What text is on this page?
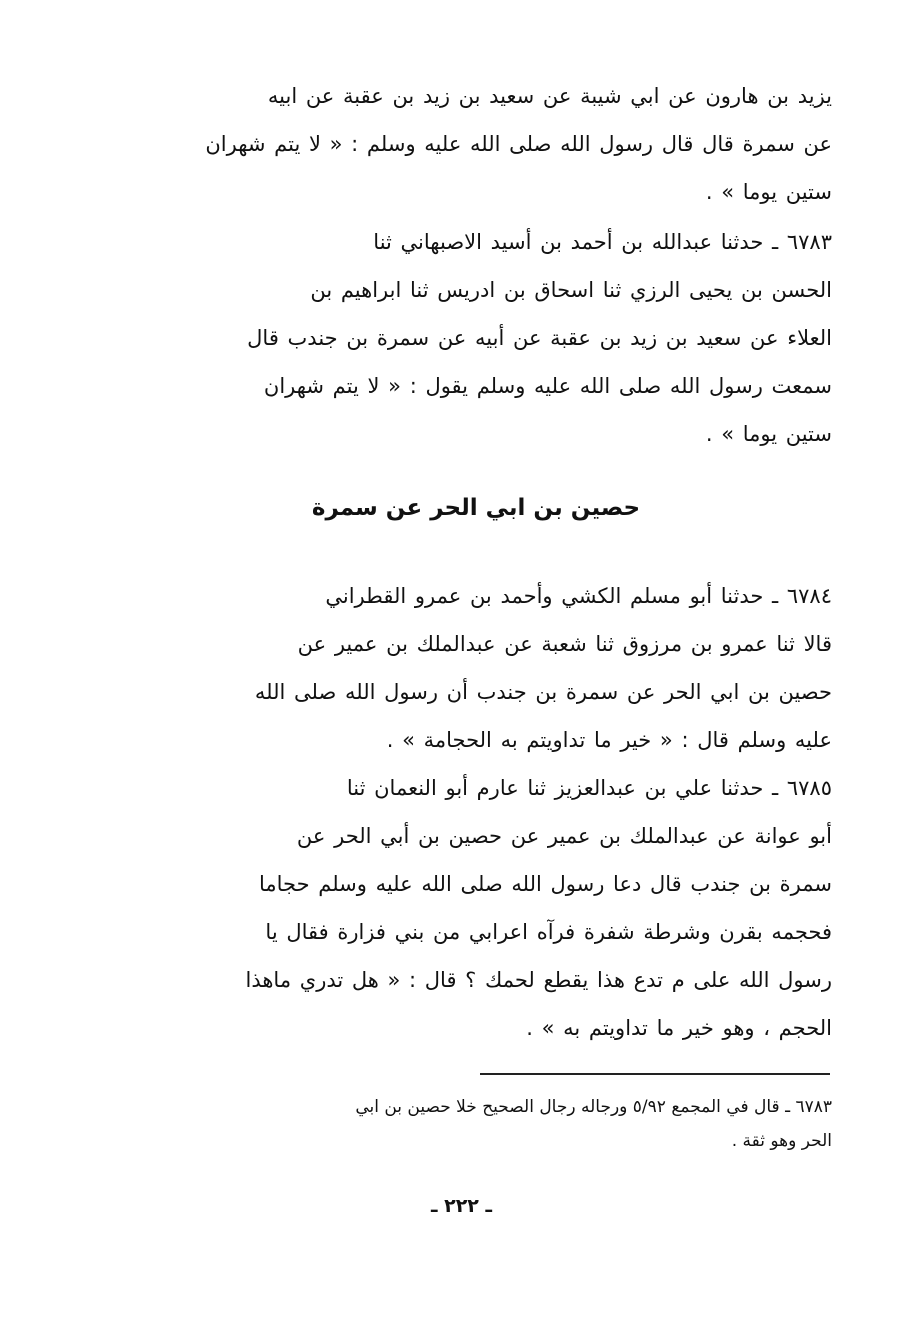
يزيد بن هارون عن ابي شيبة عن سعيد بن زيد بن عقبة عن ابيه
عن سمرة قال قال رسول الله صلى الله عليه وسلم : « لا يتم شهران
ستين يوما » .
٦٧٨٣ ـ حدثنا عبدالله بن أحمد بن أسيد الاصبهاني ثنا
الحسن بن يحيى الرزي ثنا اسحاق بن ادريس ثنا ابراهيم بن
العلاء عن سعيد بن زيد بن عقبة عن أبيه عن سمرة بن جندب قال
سمعت رسول الله صلى الله عليه وسلم يقول : « لا يتم شهران
ستين يوما » .
حصين بن ابي الحر عن سمرة
٦٧٨٤ ـ حدثنا أبو مسلم الكشي وأحمد بن عمرو القطراني
قالا ثنا عمرو بن مرزوق ثنا شعبة عن عبدالملك بن عمير عن
حصين بن ابي الحر عن سمرة بن جندب أن رسول الله صلى الله
عليه وسلم قال : « خير ما تداويتم به الحجامة » .
٦٧٨٥ ـ حدثنا علي بن عبدالعزيز ثنا عارم أبو النعمان ثنا
أبو عوانة عن عبدالملك بن عمير عن حصين بن أبي الحر عن
سمرة بن جندب قال دعا رسول الله صلى الله عليه وسلم حجاما
فحجمه بقرن وشرطة شفرة فرآه اعرابي من بني فزارة فقال يا
رسول الله على م تدع هذا يقطع لحمك ؟ قال : « هل تدري ماهذا
الحجم ، وهو خير ما تداويتم به » .
٦٧٨٣ ـ قال في المجمع ٥/٩٢ ورجاله رجال الصحيح خلا حصين بن ابي
الحر وهو ثقة .
ـ ٢٢٢ ـ
